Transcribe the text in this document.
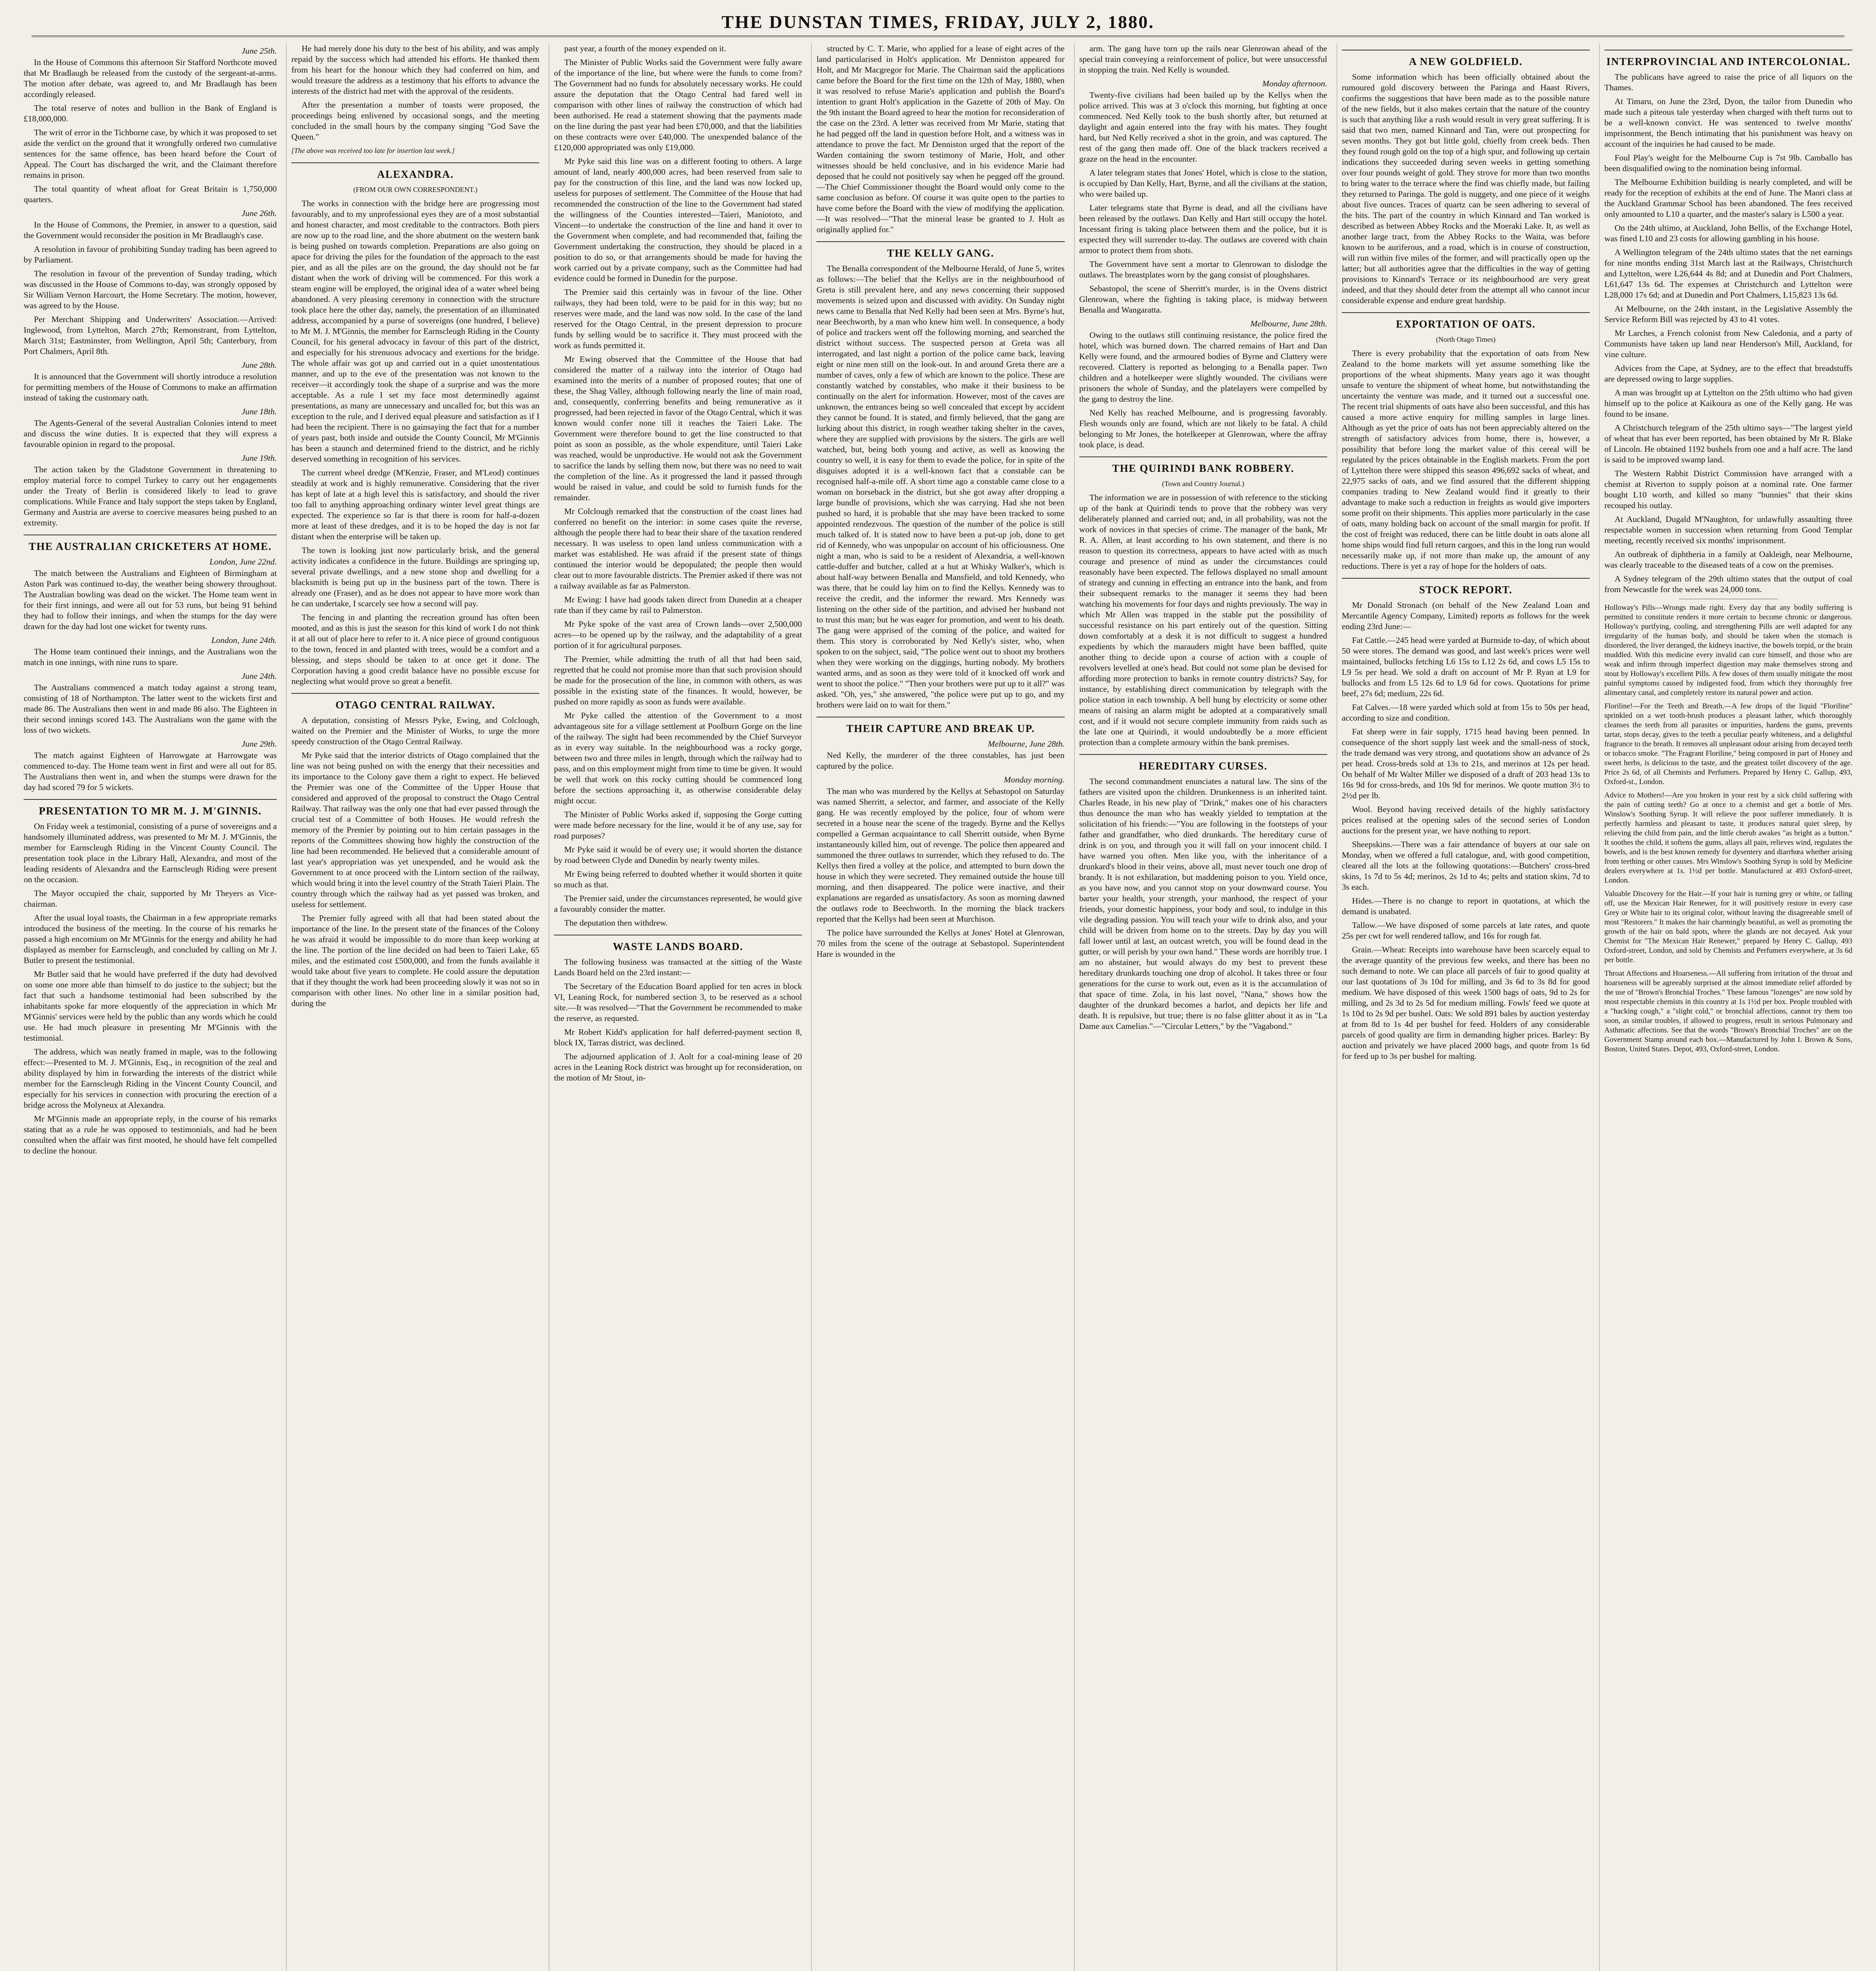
THE DUNSTAN TIMES, FRIDAY, JULY 2, 1880.

June 25th.

In the House of Commons this afternoon Sir Stafford Northcote moved that Mr Bradlaugh be released from the custody of the sergeant-at-arms. The motion after debate, was agreed to, and Mr Bradlaugh has been accordingly released.

The total reserve of notes and bullion in the Bank of England is £18,000,000.

The writ of error in the Tichborne case, by which it was proposed to set aside the verdict on the ground that it wrongfully ordered two cumulative sentences for the same offence, has been heard before the Court of Appeal. The Court has discharged the writ, and the Claimant therefore remains in prison.

The total quantity of wheat afloat for Great Britain is 1,750,000 quarters.

June 26th.

In the House of Commons, the Premier, in answer to a question, said the Government would reconsider the position in Mr Bradlaugh's case.

A resolution in favour of prohibiting Sunday trading has been agreed to by Parliament.

The resolution in favour of the prevention of Sunday trading, which was discussed in the House of Commons to-day, was strongly opposed by Sir William Vernon Harcourt, the Home Secretary. The motion, however, was agreed to by the House.

Per Merchant Shipping and Underwriters' Association.—Arrived: Inglewood, from Lyttelton, March 27th; Remonstrant, from Lyttelton, March 31st; Eastminster, from Wellington, April 5th; Canterbury, from Port Chalmers, April 8th.

June 28th.

It is announced that the Government will shortly introduce a resolution for permitting members of the House of Commons to make an affirmation instead of taking the customary oath.

June 18th.

The Agents-General of the several Australian Colonies intend to meet and discuss the wine duties. It is expected that they will express a favourable opinion in regard to the proposal.

June 19th.

The action taken by the Gladstone Government in threatening to employ material force to compel Turkey to carry out her engagements under the Treaty of Berlin is considered likely to lead to grave complications. While France and Italy support the steps taken by England, Germany and Austria are averse to coercive measures being pushed to an extremity.

THE AUSTRALIAN CRICKETERS AT HOME.

London, June 22nd.

The match between the Australians and Eighteen of Birmingham at Aston Park was continued to-day, the weather being showery throughout. The Australian bowling was dead on the wicket. The Home team went in for their first innings, and were all out for 53 runs, but being 91 behind they had to follow their innings, and when the stumps for the day were drawn for the day had lost one wicket for twenty runs.

London, June 24th.

The Home team continued their innings, and the Australians won the match in one innings, with nine runs to spare.

June 24th.

The Australians commenced a match today against a strong team, consisting of 18 of Northampton. The latter went to the wickets first and made 86. The Australians then went in and made 86 also. The Eighteen in their second innings scored 143. The Australians won the game with the loss of two wickets.

June 29th.

The match against Eighteen of Harrowgate at Harrowgate was commenced to-day. The Home team went in first and were all out for 85. The Australians then went in, and when the stumps were drawn for the day had scored 79 for 5 wickets.

PRESENTATION TO MR M. J. M'GINNIS.

On Friday week a testimonial, consisting of a purse of sovereigns and a handsomely illuminated address, was presented to Mr M. J. M'Ginnis, the member for Earnscleugh Riding in the Vincent County Council. The presentation took place in the Library Hall, Alexandra, and most of the leading residents of Alexandra and the Earnscleugh Riding were present on the occasion.

The Mayor occupied the chair, supported by Mr Theyers as Vice-chairman.

After the usual loyal toasts, the Chairman in a few appropriate remarks introduced the business of the meeting. In the course of his remarks he passed a high encomium on Mr M'Ginnis for the energy and ability he had displayed as member for Earnscleugh, and concluded by calling on Mr J. Butler to present the testimonial.

Mr Butler said that he would have preferred if the duty had devolved on some one more able than himself to do justice to the subject; but the fact that such a handsome testimonial had been subscribed by the inhabitants spoke far more eloquently of the appreciation in which Mr M'Ginnis' services were held by the public than any words which he could use. He had much pleasure in presenting Mr M'Ginnis with the testimonial.

The address, which was neatly framed in maple, was to the following effect:—Presented to M. J. M'Ginnis, Esq., in recognition of the zeal and ability displayed by him in forwarding the interests of the district while member for the Earnscleugh Riding in the Vincent County Council, and especially for his services in connection with procuring the erection of a bridge across the Molyneux at Alexandra.

Mr M'Ginnis made an appropriate reply, in the course of his remarks stating that as a rule he was opposed to testimonials, and had he been consulted when the affair was first mooted, he should have felt compelled to decline the honour.

He had merely done his duty to the best of his ability, and was amply repaid by the success which had attended his efforts. He thanked them from his heart for the honour which they had conferred on him, and would treasure the address as a testimony that his efforts to advance the interests of the district had met with the approval of the residents.

After the presentation a number of toasts were proposed, the proceedings being enlivened by occasional songs, and the meeting concluded in the small hours by the company singing "God Save the Queen."

[The above was received too late for insertion last week.]

ALEXANDRA.

(FROM OUR OWN CORRESPONDENT.)

The works in connection with the bridge here are progressing most favourably, and to my unprofessional eyes they are of a most substantial and honest character, and most creditable to the contractors. Both piers are now up to the road line, and the shore abutment on the western bank is being pushed on towards completion. Preparations are also going on apace for driving the piles for the foundation of the approach to the east pier, and as all the piles are on the ground, the day should not be far distant when the work of driving will be commenced. For this work a steam engine will be employed, the original idea of a water wheel being abandoned. A very pleasing ceremony in connection with the structure took place here the other day, namely, the presentation of an illuminated address, accompanied by a purse of sovereigns (one hundred, I believe) to Mr M. J. M'Ginnis, the member for Earnscleugh Riding in the County Council, for his general advocacy in favour of this part of the district, and especially for his strenuous advocacy and exertions for the bridge. The whole affair was got up and carried out in a quiet unostentatious manner, and up to the eve of the presentation was not known to the receiver—it accordingly took the shape of a surprise and was the more acceptable. As a rule I set my face most determinedly against presentations, as many are unnecessary and uncalled for, but this was an exception to the rule, and I derived equal pleasure and satisfaction as if I had been the recipient. There is no gainsaying the fact that for a number of years past, both inside and outside the County Council, Mr M'Ginnis has been a staunch and determined friend to the district, and he richly deserved something in recognition of his services.

The current wheel dredge (M'Kenzie, Fraser, and M'Leod) continues steadily at work and is highly remunerative. Considering that the river has kept of late at a high level this is satisfactory, and should the river too fall to anything approaching ordinary winter level great things are expected. The experience so far is that there is room for half-a-dozen more at least of these dredges, and it is to be hoped the day is not far distant when the enterprise will be taken up.

The town is looking just now particularly brisk, and the general activity indicates a confidence in the future. Buildings are springing up, several private dwellings, and a new stone shop and dwelling for a blacksmith is being put up in the business part of the town. There is already one (Fraser), and as he does not appear to have more work than he can undertake, I scarcely see how a second will pay.

The fencing in and planting the recreation ground has often been mooted, and as this is just the season for this kind of work I do not think it at all out of place here to refer to it. A nice piece of ground contiguous to the town, fenced in and planted with trees, would be a comfort and a blessing, and steps should be taken to at once get it done. The Corporation having a good credit balance have no possible excuse for neglecting what would prove so great a benefit.

OTAGO CENTRAL RAILWAY.

A deputation, consisting of Messrs Pyke, Ewing, and Colclough, waited on the Premier and the Minister of Works, to urge the more speedy construction of the Otago Central Railway.

Mr Pyke said that the interior districts of Otago complained that the line was not being pushed on with the energy that their necessities and its importance to the Colony gave them a right to expect. He believed the Premier was one of the Committee of the Upper House that considered and approved of the proposal to construct the Otago Central Railway. That railway was the only one that had ever passed through the crucial test of a Committee of both Houses. He would refresh the memory of the Premier by pointing out to him certain passages in the reports of the Committees showing how highly the construction of the line had been recommended. He believed that a considerable amount of last year's appropriation was yet unexpended, and he would ask the Government to at once proceed with the Lintorn section of the railway, which would bring it into the level country of the Strath Taieri Plain. The country through which the railway had as yet passed was broken, and useless for settlement.

The Premier fully agreed with all that had been stated about the importance of the line. In the present state of the finances of the Colony he was afraid it would be impossible to do more than keep working at the line. The portion of the line decided on had been to Taieri Lake, 65 miles, and the estimated cost £500,000, and from the funds available it would take about five years to complete. He could assure the deputation that if they thought the work had been proceeding slowly it was not so in comparison with other lines. No other line in a similar position had, during the

past year, a fourth of the money expended on it.

The Minister of Public Works said the Government were fully aware of the importance of the line, but where were the funds to come from? The Government had no funds for absolutely necessary works. He could assure the deputation that the Otago Central had fared well in comparison with other lines of railway the construction of which had been authorised. He read a statement showing that the payments made on the line during the past year had been £70,000, and that the liabilities on these contracts were over £40,000. The unexpended balance of the £120,000 appropriated was only £19,000.

Mr Pyke said this line was on a different footing to others. A large amount of land, nearly 400,000 acres, had been reserved from sale to pay for the construction of this line, and the land was now locked up, useless for purposes of settlement. The Committee of the House that had recommended the construction of the line to the Government had stated the willingness of the Counties interested—Taieri, Maniototo, and Vincent—to undertake the construction of the line and hand it over to the Government when complete, and had recommended that, failing the Government undertaking the construction, they should be placed in a position to do so, or that arrangements should be made for having the work carried out by a private company, such as the Committee had had evidence could be formed in Dunedin for the purpose.

The Premier said this certainly was in favour of the line. Other railways, they had been told, were to be paid for in this way; but no reserves were made, and the land was now sold. In the case of the land reserved for the Otago Central, in the present depression to procure funds by selling would be to sacrifice it. They must proceed with the work as funds permitted it.

Mr Ewing observed that the Committee of the House that had considered the matter of a railway into the interior of Otago had examined into the merits of a number of proposed routes; that one of these, the Shag Valley, although following nearly the line of main road, and, consequently, conferring benefits and being remunerative as it progressed, had been rejected in favor of the Otago Central, which it was known would confer none till it reaches the Taieri Lake. The Government were therefore bound to get the line constructed to that point as soon as possible, as the whole expenditure, until Taieri Lake was reached, would be unproductive. He would not ask the Government to sacrifice the lands by selling them now, but there was no need to wait the completion of the line. As it progressed the land it passed through would be raised in value, and could be sold to furnish funds for the remainder.

Mr Colclough remarked that the construction of the coast lines had conferred no benefit on the interior: in some cases quite the reverse, although the people there had to bear their share of the taxation rendered necessary. It was useless to open land unless communication with a market was established. He was afraid if the present state of things continued the interior would be depopulated; the people then would clear out to more favourable districts. The Premier asked if there was not a railway available as far as Palmerston.

Mr Ewing: I have had goods taken direct from Dunedin at a cheaper rate than if they came by rail to Palmerston.

Mr Pyke spoke of the vast area of Crown lands—over 2,500,000 acres—to be opened up by the railway, and the adaptability of a great portion of it for agricultural purposes.

The Premier, while admitting the truth of all that had been said, regretted that he could not promise more than that such provision should be made for the prosecution of the line, in common with others, as was possible in the existing state of the finances. It would, however, be pushed on more rapidly as soon as funds were available.

Mr Pyke called the attention of the Government to a most advantageous site for a village settlement at Poolburn Gorge on the line of the railway. The sight had been recommended by the Chief Surveyor as in every way suitable. In the neighbourhood was a rocky gorge, between two and three miles in length, through which the railway had to pass, and on this employment might from time to time be given. It would be well that work on this rocky cutting should be commenced long before the sections approaching it, as otherwise considerable delay might occur.

The Minister of Public Works asked if, supposing the Gorge cutting were made before necessary for the line, would it be of any use, say for road purposes?

Mr Pyke said it would be of every use; it would shorten the distance by road between Clyde and Dunedin by nearly twenty miles.

Mr Ewing being referred to doubted whether it would shorten it quite so much as that.

The Premier said, under the circumstances represented, he would give a favourably consider the matter.

The deputation then withdrew.

WASTE LANDS BOARD.

The following business was transacted at the sitting of the Waste Lands Board held on the 23rd instant:—

The Secretary of the Education Board applied for ten acres in block VI, Leaning Rock, for numbered section 3, to be reserved as a school site.—It was resolved—"That the Government be recommended to make the reserve, as requested.

Mr Robert Kidd's application for half deferred-payment section 8, block IX, Tarras district, was declined.

The adjourned application of J. Aolt for a coal-mining lease of 20 acres in the Leaning Rock district was brought up for reconsideration, on the motion of Mr Stout, in-

structed by C. T. Marie, who applied for a lease of eight acres of the land particularised in Holt's application. Mr Denniston appeared for Holt, and Mr Macgregor for Marie. The Chairman said the applications came before the Board for the first time on the 12th of May, 1880, when it was resolved to refuse Marie's application and publish the Board's intention to grant Holt's application in the Gazette of 20th of May. On the 9th instant the Board agreed to hear the motion for reconsideration of the case on the 23rd. A letter was received from Mr Marie, stating that he had pegged off the land in question before Holt, and a witness was in attendance to prove the fact. Mr Denniston urged that the report of the Warden containing the sworn testimony of Marie, Holt, and other witnesses should be held conclusive, and in his evidence Marie had deposed that he could not positively say when he pegged off the ground.—The Chief Commissioner thought the Board would only come to the same conclusion as before. Of course it was quite open to the parties to have come before the Board with the view of modifying the application.—It was resolved—"That the mineral lease be granted to J. Holt as originally applied for."

THE KELLY GANG.

The Benalla correspondent of the Melbourne Herald, of June 5, writes as follows:—The belief that the Kellys are in the neighbourhood of Greta is still prevalent here, and any news concerning their supposed movements is seized upon and discussed with avidity. On Sunday night news came to Benalla that Ned Kelly had been seen at Mrs. Byrne's hut, near Beechworth, by a man who knew him well. In consequence, a body of police and trackers went off the following morning, and searched the district without success. The suspected person at Greta was all interrogated, and last night a portion of the police came back, leaving eight or nine men still on the look-out. In and around Greta there are a number of caves, only a few of which are known to the police. These are constantly watched by constables, who make it their business to be continually on the alert for information. However, most of the caves are unknown, the entrances being so well concealed that except by accident they cannot be found. It is stated, and firmly believed, that the gang are lurking about this district, in rough weather taking shelter in the caves, where they are supplied with provisions by the sisters. The girls are well watched, but, being both young and active, as well as knowing the country so well, it is easy for them to evade the police, for in spite of the disguises adopted it is a well-known fact that a constable can be recognised half-a-mile off. A short time ago a constable came close to a woman on horseback in the district, but she got away after dropping a large bundle of provisions, which she was carrying. Had she not been pushed so hard, it is probable that she may have been tracked to some appointed rendezvous. The question of the number of the police is still much talked of. It is stated now to have been a put-up job, done to get rid of Kennedy, who was unpopular on account of his officiousness. One night a man, who is said to be a resident of Alexandria, a well-known cattle-duffer and butcher, called at a hut at Whisky Walker's, which is about half-way between Benalla and Mansfield, and told Kennedy, who was there, that he could lay him on to find the Kellys. Kennedy was to receive the credit, and the informer the reward. Mrs Kennedy was listening on the other side of the partition, and advised her husband not to trust this man; but he was eager for promotion, and went to his death. The gang were apprised of the coming of the police, and waited for them. This story is corroborated by Ned Kelly's sister, who, when spoken to on the subject, said, "The police went out to shoot my brothers when they were working on the diggings, hurting nobody. My brothers wanted arms, and as soon as they were told of it knocked off work and went to shoot the police." "Then your brothers were put up to it all?" was asked. "Oh, yes," she answered, "the police were put up to go, and my brothers were laid on to wait for them."

THEIR CAPTURE AND BREAK UP.

Melbourne, June 28th.

Ned Kelly, the murderer of the three constables, has just been captured by the police.

Monday morning.

The man who was murdered by the Kellys at Sebastopol on Saturday was named Sherritt, a selector, and farmer, and associate of the Kelly gang. He was recently employed by the police, four of whom were secreted in a house near the scene of the tragedy. Byrne and the Kellys compelled a German acquaintance to call Sherritt outside, when Byrne instantaneously killed him, out of revenge. The police then appeared and summoned the three outlaws to surrender, which they refused to do. The Kellys then fired a volley at the police, and attempted to burn down the house in which they were secreted. They remained outside the house till morning, and then disappeared. The police were inactive, and their explanations are regarded as unsatisfactory. As soon as morning dawned the outlaws rode to Beechworth. In the morning the black trackers reported that the Kellys had been seen at Murchison.

The police have surrounded the Kellys at Jones' Hotel at Glenrowan, 70 miles from the scene of the outrage at Sebastopol. Superintendent Hare is wounded in the

arm. The gang have torn up the rails near Glenrowan ahead of the special train conveying a reinforcement of police, but were unsuccessful in stopping the train. Ned Kelly is wounded.

Monday afternoon.

Twenty-five civilians had been bailed up by the Kellys when the police arrived. This was at 3 o'clock this morning, but fighting at once commenced. Ned Kelly took to the bush shortly after, but returned at daylight and again entered into the fray with his mates. They fought hard, but Ned Kelly received a shot in the groin, and was captured. The rest of the gang then made off. One of the black trackers received a graze on the head in the encounter.

A later telegram states that Jones' Hotel, which is close to the station, is occupied by Dan Kelly, Hart, Byrne, and all the civilians at the station, who were bailed up.

Later telegrams state that Byrne is dead, and all the civilians have been released by the outlaws. Dan Kelly and Hart still occupy the hotel. Incessant firing is taking place between them and the police, but it is expected they will surrender to-day. The outlaws are covered with chain armor to protect them from shots.

The Government have sent a mortar to Glenrowan to dislodge the outlaws. The breastplates worn by the gang consist of ploughshares.

Sebastopol, the scene of Sherritt's murder, is in the Ovens district Glenrowan, where the fighting is taking place, is midway between Benalla and Wangaratta.

Melbourne, June 28th.

Owing to the outlaws still continuing resistance, the police fired the hotel, which was burned down. The charred remains of Hart and Dan Kelly were found, and the armoured bodies of Byrne and Clattery were recovered. Clattery is reported as belonging to a Benalla paper. Two children and a hotelkeeper were slightly wounded. The civilians were prisoners the whole of Sunday, and the platelayers were compelled by the gang to destroy the line.

Ned Kelly has reached Melbourne, and is progressing favorably. Flesh wounds only are found, which are not likely to be fatal. A child belonging to Mr Jones, the hotelkeeper at Glenrowan, where the affray took place, is dead.

THE QUIRINDI BANK ROBBERY.

(Town and Country Journal.)

The information we are in possession of with reference to the sticking up of the bank at Quirindi tends to prove that the robbery was very deliberately planned and carried out; and, in all probability, was not the work of novices in that species of crime. The manager of the bank, Mr R. A. Allen, at least according to his own statement, and there is no reason to question its correctness, appears to have acted with as much courage and presence of mind as under the circumstances could reasonably have been expected. The fellows displayed no small amount of strategy and cunning in effecting an entrance into the bank, and from their subsequent remarks to the manager it seems they had been watching his movements for four days and nights previously. The way in which Mr Allen was trapped in the stable put the possibility of successful resistance on his part entirely out of the question. Sitting down comfortably at a desk it is not difficult to suggest a hundred expedients by which the marauders might have been baffled, quite another thing to decide upon a course of action with a couple of revolvers levelled at one's head. But could not some plan be devised for affording more protection to banks in remote country districts? Say, for instance, by establishing direct communication by telegraph with the police station in each township. A bell hung by electricity or some other means of raising an alarm might be adopted at a comparatively small cost, and if it would not secure complete immunity from raids such as the late one at Quirindi, it would undoubtedly be a more efficient protection than a complete armoury within the bank premises.

HEREDITARY CURSES.

The second commandment enunciates a natural law. The sins of the fathers are visited upon the children. Drunkenness is an inherited taint. Charles Reade, in his new play of "Drink," makes one of his characters thus denounce the man who has weakly yielded to temptation at the solicitation of his friends:—"You are following in the footsteps of your father and grandfather, who died drunkards. The hereditary curse of drink is on you, and through you it will fall on your innocent child. I have warned you often. Men like you, with the inheritance of a drunkard's blood in their veins, above all, must never touch one drop of brandy. It is not exhilaration, but maddening poison to you. Yield once, as you have now, and you cannot stop on your downward course. You barter your health, your strength, your manhood, the respect of your friends, your domestic happiness, your body and soul, to indulge in this vile degrading passion. You will teach your wife to drink also, and your child will be driven from home on to the streets. Day by day you will fall lower until at last, an outcast wretch, you will be found dead in the gutter, or will perish by your own hand." These words are horribly true. I am no abstainer, but would always do my best to prevent these hereditary drunkards touching one drop of alcohol. It takes three or four generations for the curse to work out, even as it is the accumulation of that space of time. Zola, in his last novel, "Nana," shows how the daughter of the drunkard becomes a harlot, and depicts her life and death. It is repulsive, but true; there is no false glitter about it as in "La Dame aux Camelias."—"Circular Letters," by the "Vagabond."

A NEW GOLDFIELD.

Some information which has been officially obtained about the rumoured gold discovery between the Paringa and Haast Rivers, confirms the suggestions that have been made as to the possible nature of the new fields, but it also makes certain that the nature of the country is such that anything like a rush would result in very great suffering. It is said that two men, named Kinnard and Tan, were out prospecting for seven months. They got but little gold, chiefly from creek beds. Then they found rough gold on the top of a high spur, and following up certain indications they succeeded during seven weeks in getting something over four pounds weight of gold. They strove for more than two months to bring water to the terrace where the find was chiefly made, but failing they returned to Paringa. The gold is nuggety, and one piece of it weighs about five ounces. Traces of quartz can be seen adhering to several of the bits. The part of the country in which Kinnard and Tan worked is described as between Abbey Rocks and the Moeraki Lake. It, as well as another large tract, from the Abbey Rocks to the Waita, was before known to be auriferous, and a road, which is in course of construction, will run within five miles of the former, and will practically open up the latter; but all authorities agree that the difficulties in the way of getting provisions to Kinnard's Terrace or its neighbourhood are very great indeed, and that they should deter from the attempt all who cannot incur considerable expense and endure great hardship.

EXPORTATION OF OATS.

(North Otago Times)

There is every probability that the exportation of oats from New Zealand to the home markets will yet assume something like the proportions of the wheat shipments. Many years ago it was thought unsafe to venture the shipment of wheat home, but notwithstanding the uncertainty the venture was made, and it turned out a successful one. The recent trial shipments of oats have also been successful, and this has caused a more active enquiry for milling samples in large lines. Although as yet the price of oats has not been appreciably altered on the strength of satisfactory advices from home, there is, however, a possibility that before long the market value of this cereal will be regulated by the prices obtainable in the English markets. From the port of Lyttelton there were shipped this season 496,692 sacks of wheat, and 22,975 sacks of oats, and we find assured that the different shipping companies trading to New Zealand would find it greatly to their advantage to make such a reduction in freights as would give importers some profit on their shipments. This applies more particularly in the case of oats, many holding back on account of the small margin for profit. If the cost of freight was reduced, there can be little doubt in oats alone all home ships would find full return cargoes, and this in the long run would necessarily make up, if not more than make up, the amount of any reductions. There is yet a ray of hope for the holders of oats.

STOCK REPORT.

Mr Donald Stronach (on behalf of the New Zealand Loan and Mercantile Agency Company, Limited) reports as follows for the week ending 23rd June:—

Fat Cattle.—245 head were yarded at Burnside to-day, of which about 50 were stores. The demand was good, and last week's prices were well maintained, bullocks fetching L6 15s to L12 2s 6d, and cows L5 15s to L9 5s per head. We sold a draft on account of Mr P. Ryan at L9 for bullocks and from L5 12s 6d to L9 6d for cows. Quotations for prime beef, 27s 6d; medium, 22s 6d.

Fat Calves.—18 were yarded which sold at from 15s to 50s per head, according to size and condition.

Fat sheep were in fair supply, 1715 head having been penned. In consequence of the short supply last week and the small-ness of stock, the trade demand was very strong, and quotations show an advance of 2s per head. Cross-breds sold at 13s to 21s, and merinos at 12s per head. On behalf of Mr Walter Miller we disposed of a draft of 203 head 13s to 16s 9d for cross-breds, and 10s 9d for merinos. We quote mutton 3½ to 2½d per lb.

Wool. Beyond having received details of the highly satisfactory prices realised at the opening sales of the second series of London auctions for the present year, we have nothing to report.

Sheepskins.—There was a fair attendance of buyers at our sale on Monday, when we offered a full catalogue, and, with good competition, cleared all the lots at the following quotations:—Butchers' cross-bred skins, 1s 7d to 5s 4d; merinos, 2s 1d to 4s; pelts and station skins, 7d to 3s each.

Hides.—There is no change to report in quotations, at which the demand is unabated.

Tallow.—We have disposed of some parcels at late rates, and quote 25s per cwt for well rendered tallow, and 16s for rough fat.

Grain.—Wheat: Receipts into warehouse have been scarcely equal to the average quantity of the previous few weeks, and there has been no such demand to note. We can place all parcels of fair to good quality at our last quotations of 3s 10d for milling, and 3s 6d to 3s 8d for good medium. We have disposed of this week 1500 bags of oats, 9d to 2s for milling, and 2s 3d to 2s 5d for medium milling. Fowls' feed we quote at 1s 10d to 2s 9d per bushel. Oats: We sold 891 bales by auction yesterday at from 8d to 1s 4d per bushel for feed. Holders of any considerable parcels of good quality are firm in demanding higher prices. Barley: By auction and privately we have placed 2000 bags, and quote from 1s 6d for feed up to 3s per bushel for malting.

INTERPROVINCIAL AND INTERCOLONIAL.

The publicans have agreed to raise the price of all liquors on the Thames.

At Timaru, on June the 23rd, Dyon, the tailor from Dunedin who made such a piteous tale yesterday when charged with theft turns out to be a well-known convict. He was sentenced to twelve months' imprisonment, the Bench intimating that his punishment was heavy on account of the inquiries he had caused to be made.

Foul Play's weight for the Melbourne Cup is 7st 9lb. Camballo has been disqualified owing to the nomination being informal.

The Melbourne Exhibition building is nearly completed, and will be ready for the reception of exhibits at the end of June. The Maori class at the Auckland Grammar School has been abandoned. The fees received only amounted to L10 a quarter, and the master's salary is L500 a year.

On the 24th ultimo, at Auckland, John Bellis, of the Exchange Hotel, was fined L10 and 23 costs for allowing gambling in his house.

A Wellington telegram of the 24th ultimo states that the net earnings for nine months ending 31st March last at the Railways, Christchurch and Lyttelton, were L26,644 4s 8d; and at Dunedin and Port Chalmers, L61,647 13s 6d. The expenses at Christchurch and Lyttelton were L28,000 17s 6d; and at Dunedin and Port Chalmers, L15,823 13s 6d.

At Melbourne, on the 24th instant, in the Legislative Assembly the Service Reform Bill was rejected by 43 to 41 votes.

Mr Larches, a French colonist from New Caledonia, and a party of Communists have taken up land near Henderson's Mill, Auckland, for vine culture.

Advices from the Cape, at Sydney, are to the effect that breadstuffs are depressed owing to large supplies.

A man was brought up at Lyttelton on the 25th ultimo who had given himself up to the police at Kaikoura as one of the Kelly gang. He was found to be insane.

A Christchurch telegram of the 25th ultimo says—"The largest yield of wheat that has ever been reported, has been obtained by Mr R. Blake of Lincoln. He obtained 1192 bushels from one and a half acre. The land is said to be improved swamp land.

The Western Rabbit District Commission have arranged with a chemist at Riverton to supply poison at a nominal rate. One farmer bought L10 worth, and killed so many "bunnies" that their skins recouped his outlay.

At Auckland, Dugald M'Naughton, for unlawfully assaulting three respectable women in succession when returning from Good Templar meeting, recently received six months' imprisonment.

An outbreak of diphtheria in a family at Oakleigh, near Melbourne, was clearly traceable to the diseased teats of a cow on the premises.

A Sydney telegram of the 29th ultimo states that the output of coal from Newcastle for the week was 24,000 tons.

Holloway's Pills—Wrongs made right. Every day that any bodily suffering is permitted to constitute renders it more certain to become chronic or dangerous. Holloway's purifying, cooling, and strengthening Pills are well adapted for any irregularity of the human body, and should be taken when the stomach is disordered, the liver deranged, the kidneys inactive, the bowels torpid, or the brain muddled. With this medicine every invalid can cure himself, and those who are weak and infirm through imperfect digestion may make themselves strong and stout by Holloway's excellent Pills. A few doses of them usually mitigate the most painful symptoms caused by indigested food, from which they thoroughly free alimentary canal, and completely restore its natural power and action.

Floriline!—For the Teeth and Breath.—A few drops of the liquid "Floriline" sprinkled on a wet tooth-brush produces a pleasant lather, which thoroughly cleanses the teeth from all parasites or impurities, hardens the gums, prevents tartar, stops decay, gives to the teeth a peculiar pearly whiteness, and a delightful fragrance to the breath. It removes all unpleasant odour arising from decayed teeth or tobacco smoke. "The Fragrant Floriline," being composed in part of Honey and sweet herbs, is delicious to the taste, and the greatest toilet discovery of the age. Price 2s 6d, of all Chemists and Perfumers. Prepared by Henry C. Gallup, 493, Oxford-st., London.

Advice to Mothers!—Are you broken in your rest by a sick child suffering with the pain of cutting teeth? Go at once to a chemist and get a bottle of Mrs. Winslow's Soothing Syrup. It will relieve the poor sufferer immediately. It is perfectly harmless and pleasant to taste, it produces natural quiet sleep, by relieving the child from pain, and the little cherub awakes "as bright as a button." It soothes the child, it softens the gums, allays all pain, relieves wind, regulates the bowels, and is the best known remedy for dysentery and diarrhœa whether arising from teething or other causes. Mrs Winslow's Soothing Syrup is sold by Medicine dealers everywhere at 1s. 1½d per bottle. Manufactured at 493 Oxford-street, London.

Valuable Discovery for the Hair.—If your hair is turning grey or white, or falling off, use the Mexican Hair Renewer, for it will positively restore in every case Grey or White hair to its original color, without leaving the disagreeable smell of most "Restorers." It makes the hair charmingly beautiful, as well as promoting the growth of the hair on bald spots, where the glands are not decayed. Ask your Chemist for "The Mexican Hair Renewer," prepared by Henry C. Gallup, 493 Oxford-street, London, and sold by Chemists and Perfumers everywhere, at 3s 6d per bottle.

Throat Affections and Hoarseness.—All suffering from irritation of the throat and hoarseness will be agreeably surprised at the almost immediate relief afforded by the use of "Brown's Bronchial Troches." These famous "lozenges" are now sold by most respectable chemists in this country at 1s 1½d per box. People troubled with a "hacking cough," a "slight cold," or bronchial affections, cannot try them too soon, as similar troubles, if allowed to progress, result in serious Pulmonary and Asthmatic affections. See that the words "Brown's Bronchial Troches" are on the Government Stamp around each box.—Manufactured by John I. Brown & Sons, Boston, United States. Depot, 493, Oxford-street, London.
